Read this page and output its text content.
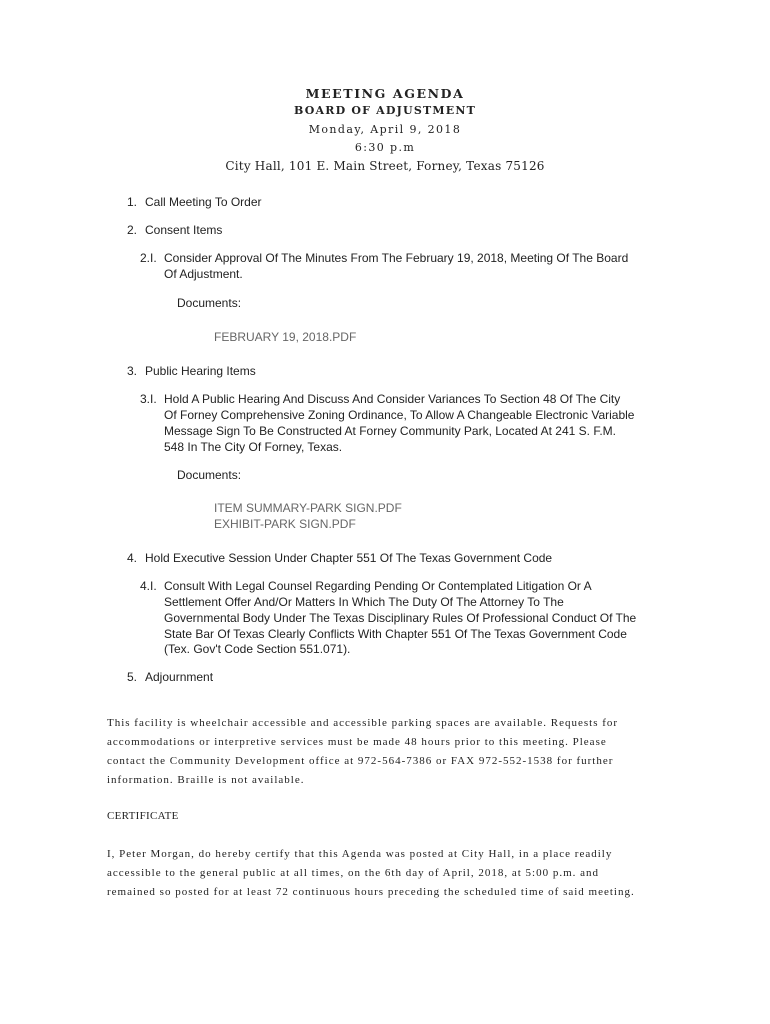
MEETING AGENDA
BOARD OF ADJUSTMENT
Monday, April 9, 2018
6:30 p.m
City Hall, 101 E. Main Street, Forney, Texas 75126
1. Call Meeting To Order
2. Consent Items
2.I. Consider Approval Of The Minutes From The February 19, 2018, Meeting Of The Board
Of Adjustment.
Documents:
FEBRUARY 19, 2018.PDF
3. Public Hearing Items
3.I. Hold A Public Hearing And Discuss And Consider Variances To Section 48 Of The City
Of Forney Comprehensive Zoning Ordinance, To Allow A Changeable Electronic Variable
Message Sign To Be Constructed At Forney Community Park, Located At 241 S. F.M.
548 In The City Of Forney, Texas.
Documents:
ITEM SUMMARY-PARK SIGN.PDF
EXHIBIT-PARK SIGN.PDF
4. Hold Executive Session Under Chapter 551 Of The Texas Government Code
4.I. Consult With Legal Counsel Regarding Pending Or Contemplated Litigation Or A
Settlement Offer And/Or Matters In Which The Duty Of The Attorney To The
Governmental Body Under The Texas Disciplinary Rules Of Professional Conduct Of The
State Bar Of Texas Clearly Conflicts With Chapter 551 Of The Texas Government Code
(Tex. Gov't Code Section 551.071).
5. Adjournment
This facility is wheelchair accessible and accessible parking spaces are available. Requests for
accommodations or interpretive services must be made 48 hours prior to this meeting. Please
contact the Community Development office at 972-564-7386 or FAX 972-552-1538 for further
information. Braille is not available.
CERTIFICATE
I, Peter Morgan, do hereby certify that this Agenda was posted at City Hall, in a place readily
accessible to the general public at all times, on the 6th day of April, 2018, at 5:00 p.m. and
remained so posted for at least 72 continuous hours preceding the scheduled time of said meeting.
